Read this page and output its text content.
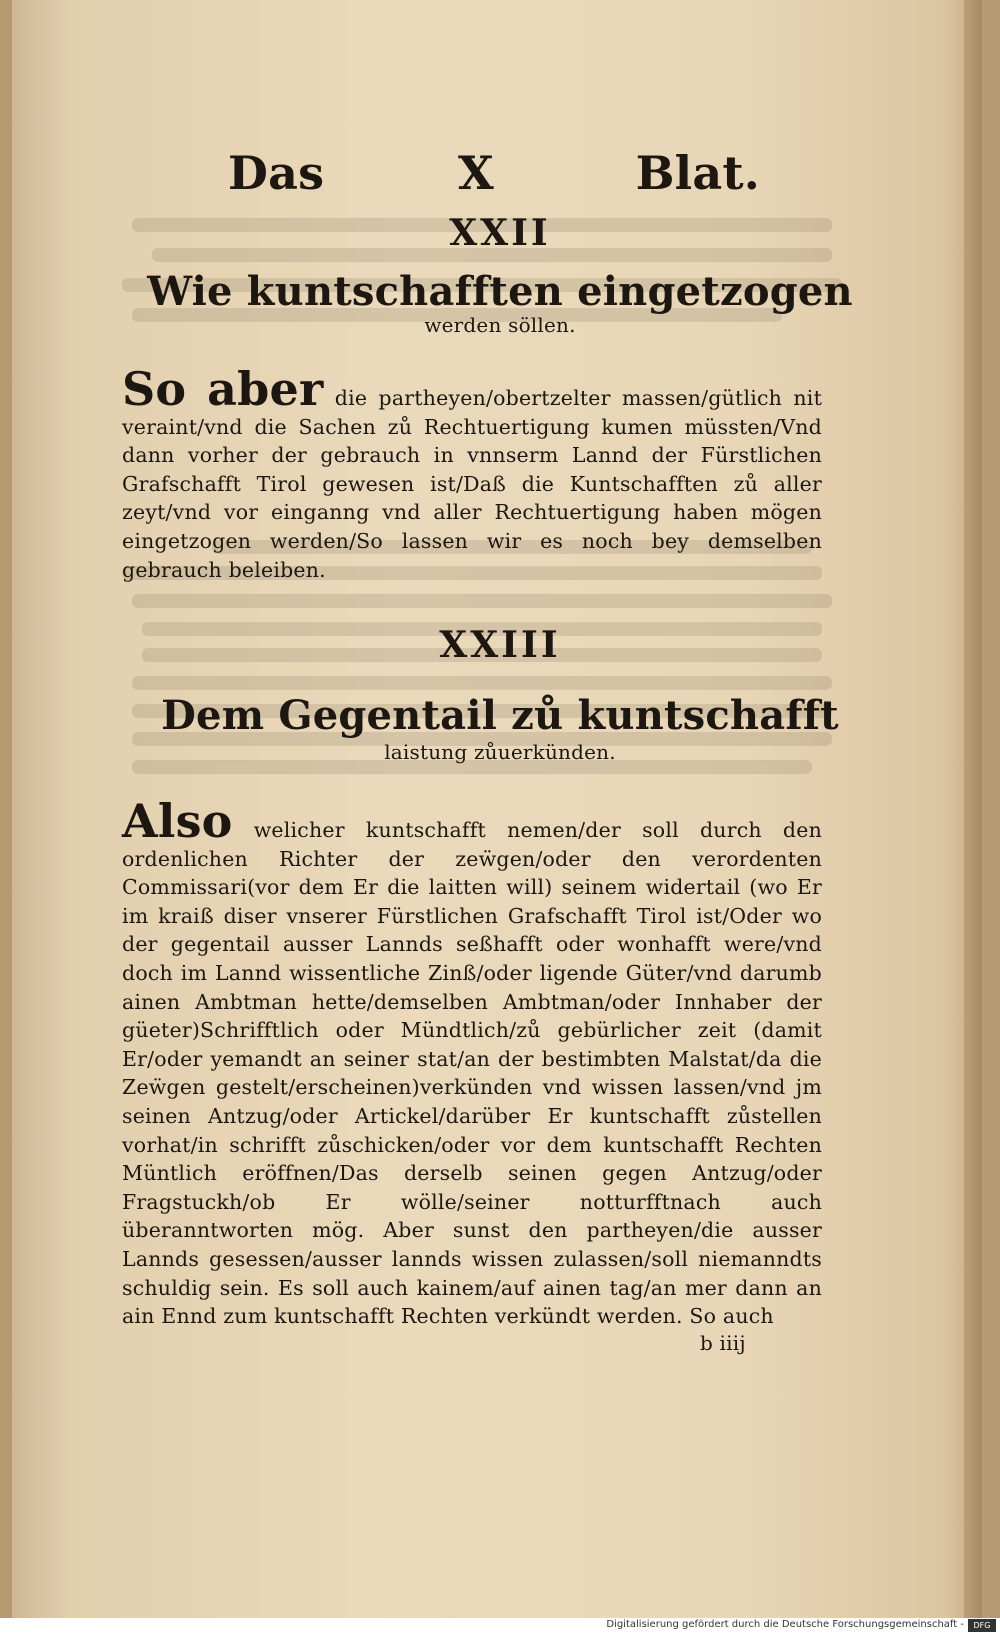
Das	X	Blat.
XXII
Wie kuntschafften eingetzogen
werden söllen.
So aber die partheyen/obertzelter massen/gütlich nit veraint/vnd die Sachen zů Rechtuertigung kumen müssten/Vnd dann vorher der gebrauch in vnnserm Lannd der Fürstlichen Grafschafft Tirol gewesen ist/Daß die Kuntschafften zů aller zeyt/vnd vor einganng vnd aller Rechtuertigung haben mögen eingetzogen werden/So lassen wir es noch bey demselben gebrauch beleiben.
XXIII
Dem Gegentail zů kuntschafft
laistung zůuerkünden.
Also welicher kuntschafft nemen/der soll durch den ordenlichen Richter der zeẅgen/oder den verordenten Commissari(vor dem Er die laitten will) seinem widertail (wo Er im kraiß diser vnserer Fürstlichen Grafschafft Tirol ist/Oder wo der gegentail ausser Lannds seßhafft oder wonhafft were/vnd doch im Lannd wissentliche Zinß/oder ligende Güter/vnd darumb ainen Ambtman hette/demselben Ambtman/oder Innhaber der güeter)Schrifftlich oder Mündtlich/zů gebürlicher zeit (damit Er/oder yemandt an seiner stat/an der bestimbten Malstat/da die Zeẅgen gestelt/erscheinen)verkünden vnd wissen lassen/vnd jm seinen Antzug/oder Artickel/darüber Er kuntschafft zůstellen vorhat/in schrifft zůschicken/oder vor dem kuntschafft Rechten Müntlich eröffnen/Das derselb seinen gegen Antzug/oder Fragstuckh/ob Er wölle/seiner notturfftnach auch überanntworten mög. Aber sunst den partheyen/die ausser Lannds gesessen/ausser lannds wissen zulassen/soll niemanndts schuldig sein. Es soll auch kainem/auf ainen tag/an mer dann an ain Ennd zum kuntschafft Rechten verkündt werden. So auch
b iiij
Digitalisierung gefördert durch die Deutsche Forschungsgemeinschaft -	DFG
